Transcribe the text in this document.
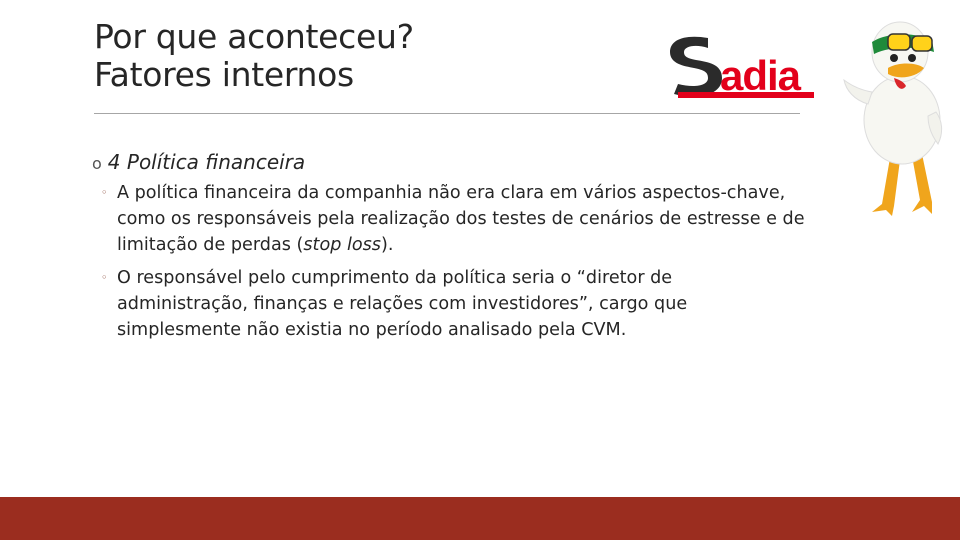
Por que aconteceu?
Fatores internos	adia
o 4 Política financeira
◦ A política financeira da companhia não era clara em vários aspectos-chave,
como os responsáveis pela realização dos testes de cenários de estresse e de
limitação de perdas (stop loss).
◦ O responsável pelo cumprimento da política seria o “diretor de
administração, finanças e relações com investidores”, cargo que
simplesmente não existia no período analisado pela CVM.
